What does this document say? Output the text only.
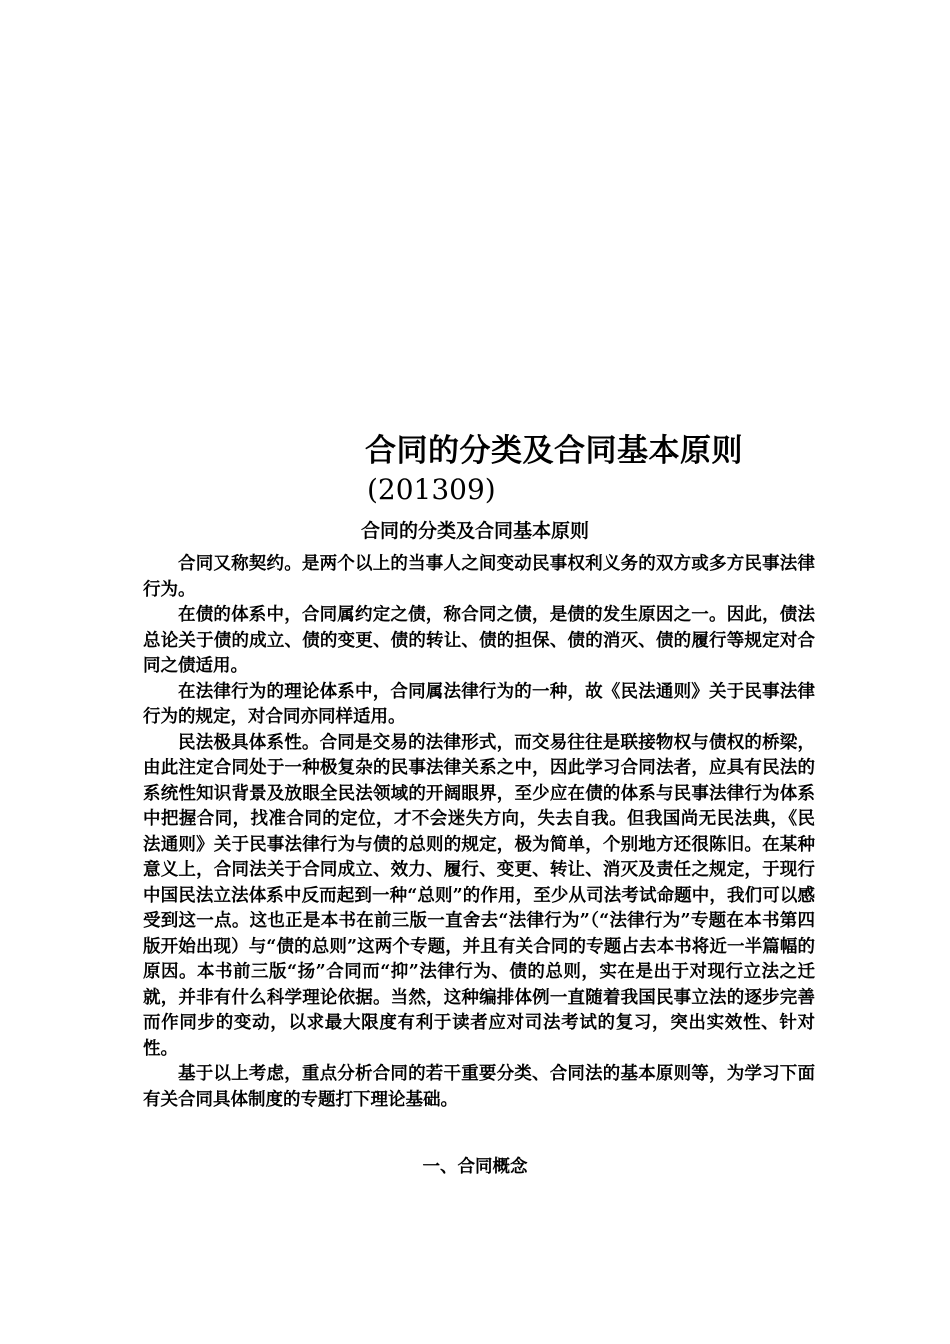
合同的分类及合同基本原则
(201309)
合同的分类及合同基本原则

合同又称契约。是两个以上的当事人之间变动民事权利义务的双方或多方民事法律行为。

在债的体系中，合同属约定之债，称合同之债，是债的发生原因之一。因此，债法总论关于债的成立、债的变更、债的转让、债的担保、债的消灭、债的履行等规定对合同之债适用。

在法律行为的理论体系中，合同属法律行为的一种，故《民法通则》关于民事法律行为的规定，对合同亦同样适用。

民法极具体系性。合同是交易的法律形式，而交易往往是联接物权与债权的桥梁，由此注定合同处于一种极复杂的民事法律关系之中，因此学习合同法者，应具有民法的系统性知识背景及放眼全民法领域的开阔眼界，至少应在债的体系与民事法律行为体系中把握合同，找准合同的定位，才不会迷失方向，失去自我。但我国尚无民法典，《民法通则》关于民事法律行为与债的总则的规定，极为简单，个别地方还很陈旧。在某种意义上，合同法关于合同成立、效力、履行、变更、转让、消灭及责任之规定，于现行中国民法立法体系中反而起到一种“总则”的作用，至少从司法考试命题中，我们可以感受到这一点。这也正是本书在前三版一直舍去“法律行为”（“法律行为”专题在本书第四版开始出现）与“债的总则”这两个专题，并且有关合同的专题占去本书将近一半篇幅的原因。本书前三版“扬”合同而“抑”法律行为、债的总则，实在是出于对现行立法之迁就，并非有什么科学理论依据。当然，这种编排体例一直随着我国民事立法的逐步完善而作同步的变动，以求最大限度有利于读者应对司法考试的复习，突出实效性、针对性。

基于以上考虑，重点分析合同的若干重要分类、合同法的基本原则等，为学习下面有关合同具体制度的专题打下理论基础。

一、合同概念
